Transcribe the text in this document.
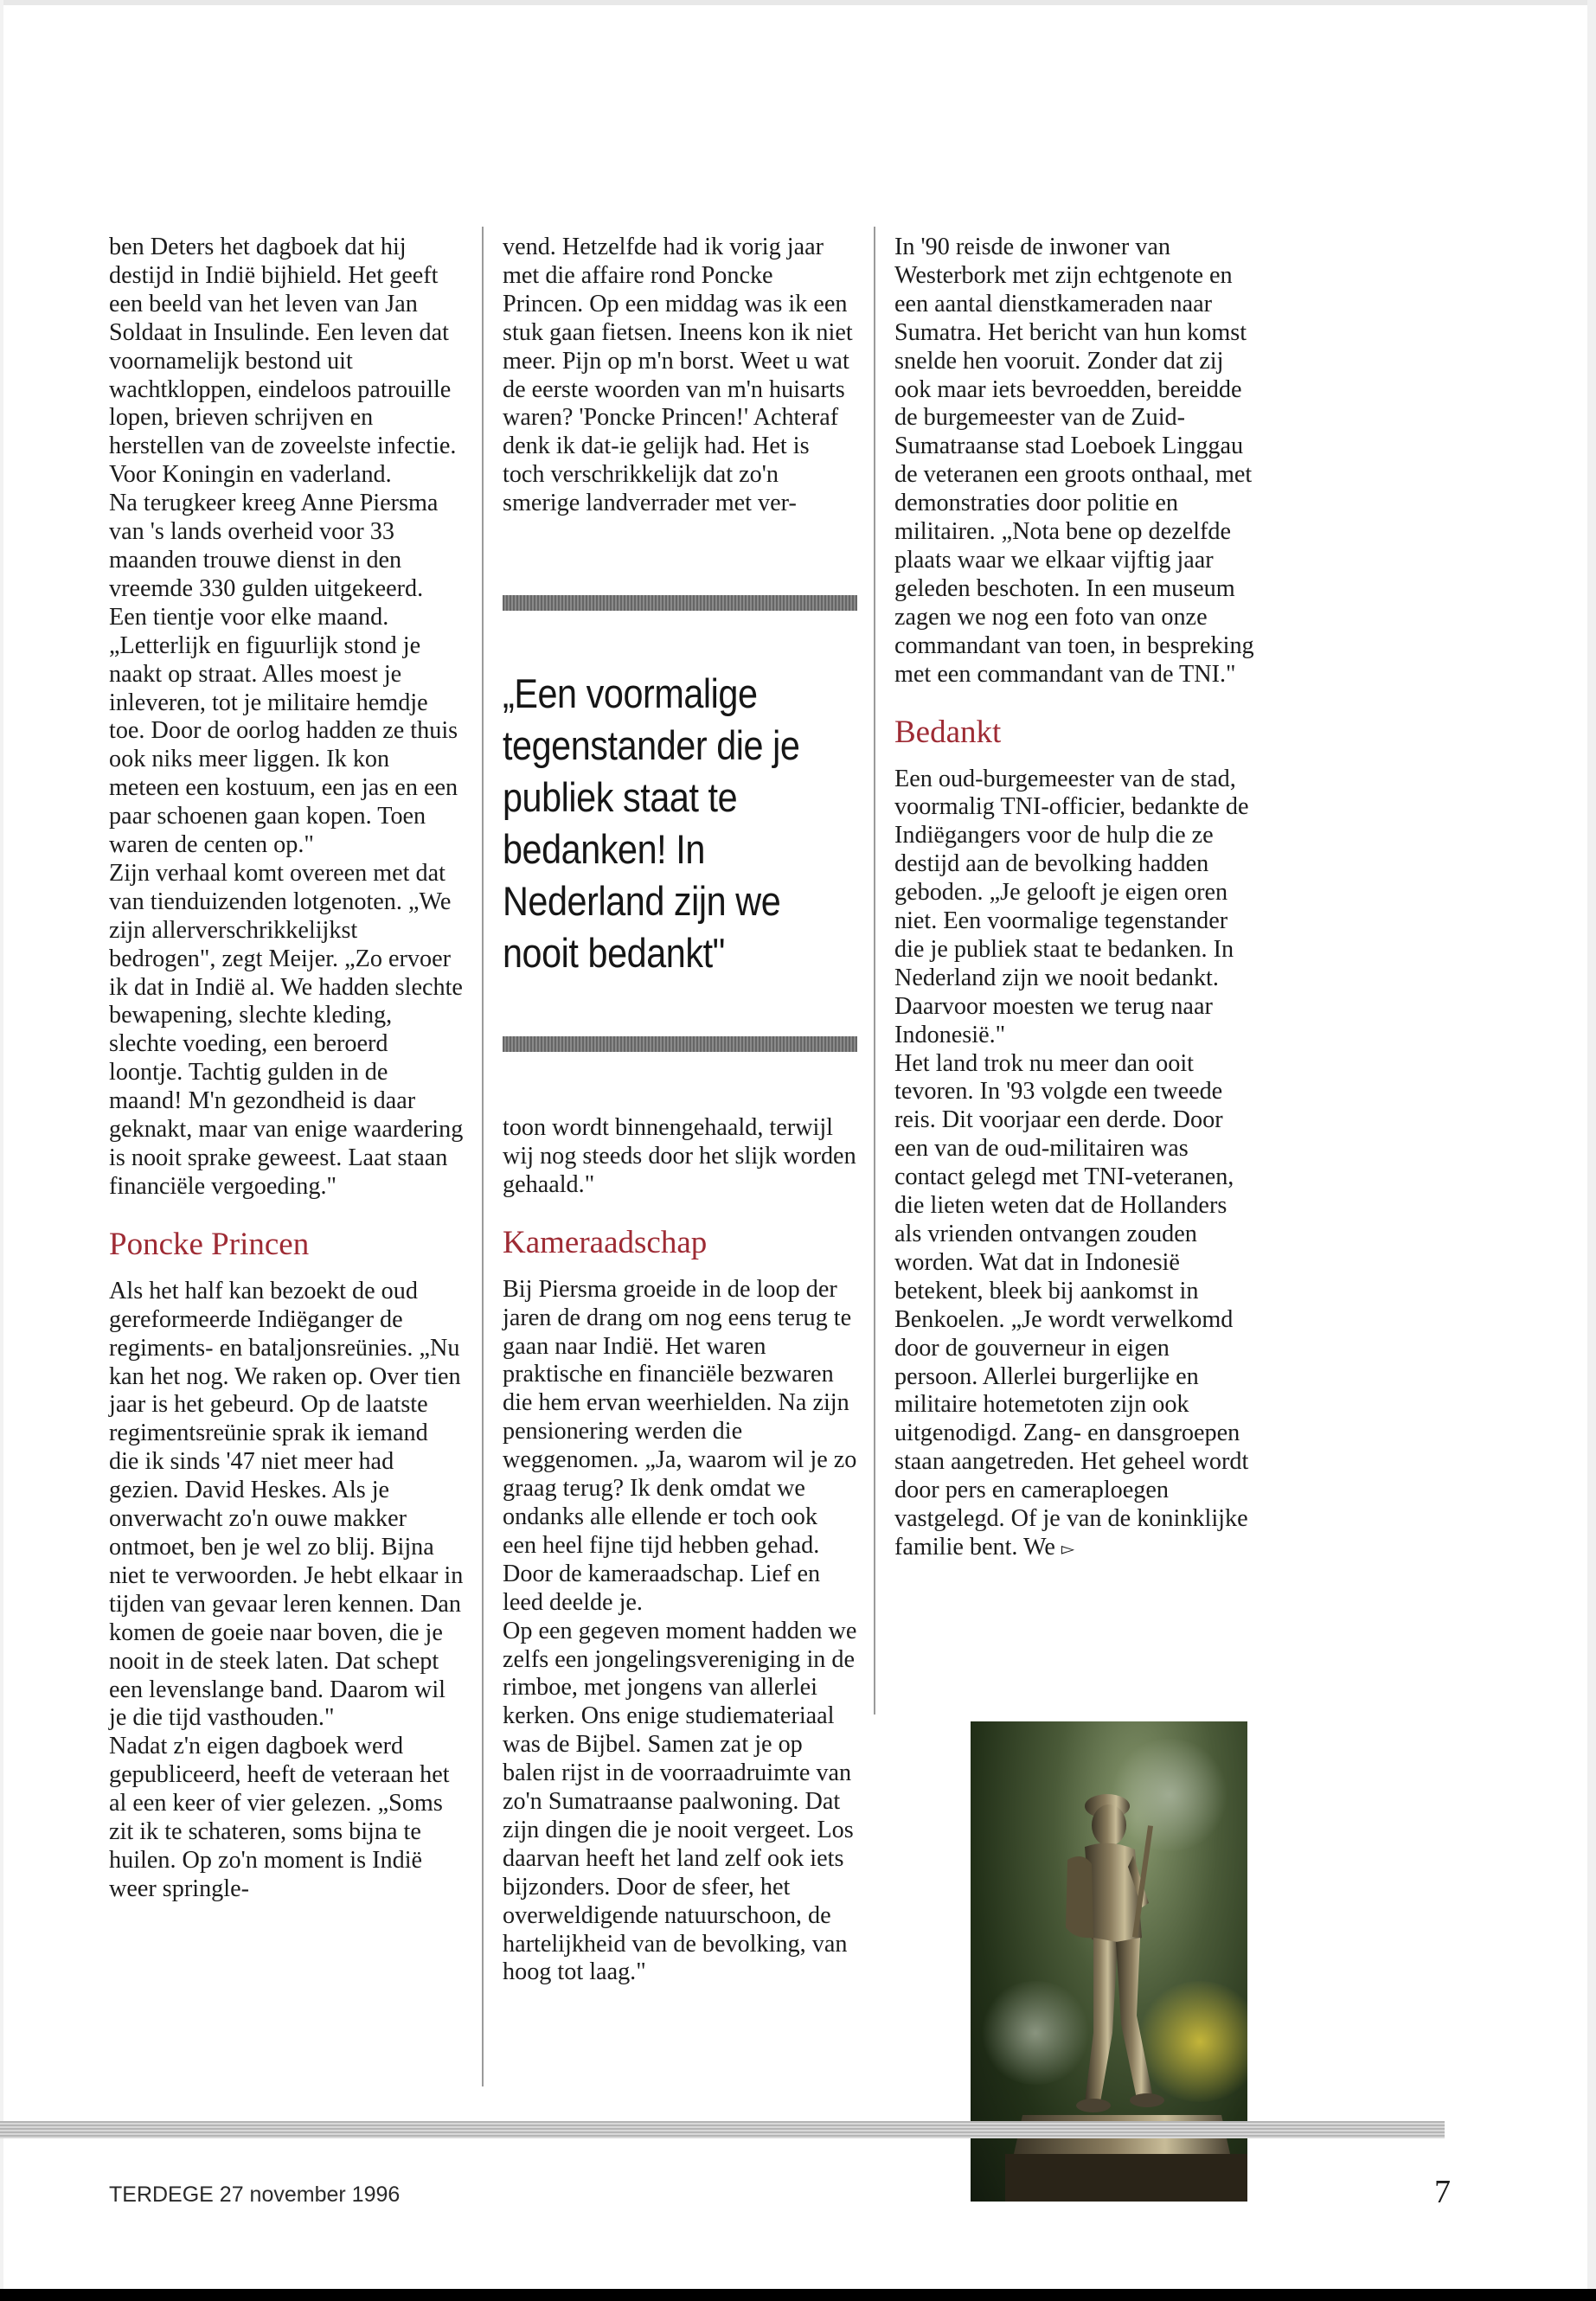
ben Deters het dagboek dat hij destijd in Indië bijhield. Het geeft een beeld van het leven van Jan Soldaat in Insulinde. Een leven dat voornamelijk bestond uit wachtkloppen, eindeloos patrouille lopen, brieven schrijven en herstellen van de zoveelste infectie. Voor Koningin en vaderland.

Na terugkeer kreeg Anne Piersma van 's lands overheid voor 33 maanden trouwe dienst in den vreemde 330 gulden uitgekeerd. Een tientje voor elke maand. „Letterlijk en figuurlijk stond je naakt op straat. Alles moest je inleveren, tot je militaire hemdje toe. Door de oorlog hadden ze thuis ook niks meer liggen. Ik kon meteen een kostuum, een jas en een paar schoenen gaan kopen. Toen waren de centen op."

Zijn verhaal komt overeen met dat van tienduizenden lotgenoten. „We zijn allerverschrikkelijkst bedrogen", zegt Meijer. „Zo ervoer ik dat in Indië al. We hadden slechte bewapening, slechte kleding, slechte voeding, een beroerd loontje. Tachtig gulden in de maand! M'n gezondheid is daar geknakt, maar van enige waardering is nooit sprake geweest. Laat staan financiële vergoeding."

Poncke Princen

Als het half kan bezoekt de oud gereformeerde Indiëganger de regiments- en bataljonsreünies. „Nu kan het nog. We raken op. Over tien jaar is het gebeurd. Op de laatste regimentsreünie sprak ik iemand die ik sinds '47 niet meer had gezien. David Heskes. Als je onverwacht zo'n ouwe makker ontmoet, ben je wel zo blij. Bijna niet te verwoorden. Je hebt elkaar in tijden van gevaar leren kennen. Dan komen de goeie naar boven, die je nooit in de steek laten. Dat schept een levenslange band. Daarom wil je die tijd vasthouden."

Nadat z'n eigen dagboek werd gepubliceerd, heeft de veteraan het al een keer of vier gelezen. „Soms zit ik te schateren, soms bijna te huilen. Op zo'n moment is Indië weer springle-

vend. Hetzelfde had ik vorig jaar met die affaire rond Poncke Princen. Op een middag was ik een stuk gaan fietsen. Ineens kon ik niet meer. Pijn op m'n borst. Weet u wat de eerste woorden van m'n huisarts waren? 'Poncke Princen!' Achteraf denk ik dat-ie gelijk had. Het is toch verschrikkelijk dat zo'n smerige landverrader met ver-

„Een voormalige tegenstander die je publiek staat te bedanken! In Nederland zijn we nooit bedankt"

toon wordt binnengehaald, terwijl wij nog steeds door het slijk worden gehaald."

Kameraadschap

Bij Piersma groeide in de loop der jaren de drang om nog eens terug te gaan naar Indië. Het waren praktische en financiële bezwaren die hem ervan weerhielden. Na zijn pensionering werden die weggenomen. „Ja, waarom wil je zo graag terug? Ik denk omdat we ondanks alle ellende er toch ook een heel fijne tijd hebben gehad. Door de kameraadschap. Lief en leed deelde je.

Op een gegeven moment hadden we zelfs een jongelingsvereniging in de rimboe, met jongens van allerlei kerken. Ons enige studiemateriaal was de Bijbel. Samen zat je op balen rijst in de voorraadruimte van zo'n Sumatraanse paalwoning. Dat zijn dingen die je nooit vergeet. Los daarvan heeft het land zelf ook iets bijzonders. Door de sfeer, het overweldigende natuurschoon, de hartelijkheid van de bevolking, van hoog tot laag."

In '90 reisde de inwoner van Westerbork met zijn echtgenote en een aantal dienstkameraden naar Sumatra. Het bericht van hun komst snelde hen vooruit. Zonder dat zij ook maar iets bevroedden, bereidde de burgemeester van de Zuid-Sumatraanse stad Loeboek Linggau de veteranen een groots onthaal, met demonstraties door politie en militairen. „Nota bene op dezelfde plaats waar we elkaar vijftig jaar geleden beschoten. In een museum zagen we nog een foto van onze commandant van toen, in bespreking met een commandant van de TNI."

Bedankt

Een oud-burgemeester van de stad, voormalig TNI-officier, bedankte de Indiëgangers voor de hulp die ze destijd aan de bevolking hadden geboden. „Je gelooft je eigen oren niet. Een voormalige tegenstander die je publiek staat te bedanken. In Nederland zijn we nooit bedankt. Daarvoor moesten we terug naar Indonesië."

Het land trok nu meer dan ooit tevoren. In '93 volgde een tweede reis. Dit voorjaar een derde. Door een van de oud-militairen was contact gelegd met TNI-veteranen, die lieten weten dat de Hollanders als vrienden ontvangen zouden worden. Wat dat in Indonesië betekent, bleek bij aankomst in Benkoelen. „Je wordt verwelkomd door de gouverneur in eigen persoon. Allerlei burgerlijke en militaire hotemetoten zijn ook uitgenodigd. Zang- en dansgroepen staan aangetreden. Het geheel wordt door pers en cameraploegen vastgelegd. Of je van de koninklijke familie bent. We ▻

TERDEGE 27 november 1996	7
